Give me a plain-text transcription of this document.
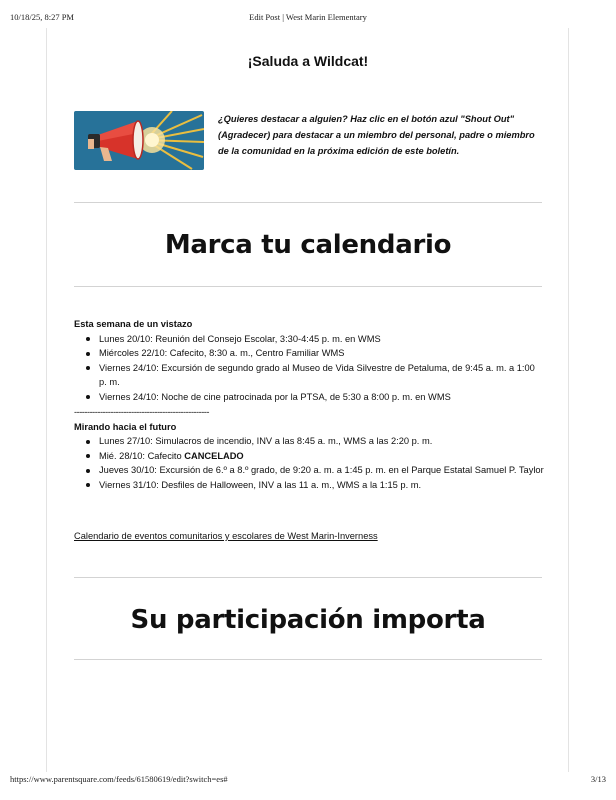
10/18/25, 8:27 PM	Edit Post | West Marin Elementary
¡Saluda a Wildcat!
¿Quieres destacar a alguien? Haz clic en el botón azul "Shout Out" (Agradecer) para destacar a un miembro del personal, padre o miembro de la comunidad en la próxima edición de este boletín.
Marca tu calendario
Esta semana de un vistazo
Lunes 20/10: Reunión del Consejo Escolar, 3:30-4:45 p. m. en WMS
Miércoles 22/10: Cafecito, 8:30 a. m., Centro Familiar WMS
Viernes 24/10: Excursión de segundo grado al Museo de Vida Silvestre de Petaluma, de 9:45 a. m. a 1:00 p. m.
Viernes 24/10: Noche de cine patrocinada por la PTSA, de 5:30 a 8:00 p. m. en WMS
----------------------------------------------------
Mirando hacia el futuro
Lunes 27/10: Simulacros de incendio, INV a las 8:45 a. m., WMS a las 2:20 p. m.
Mié. 28/10: Cafecito CANCELADO
Jueves 30/10: Excursión de 6.º a 8.º grado, de 9:20 a. m. a 1:45 p. m. en el Parque Estatal Samuel P. Taylor
Viernes 31/10: Desfiles de Halloween, INV a las 11 a. m., WMS a la 1:15 p. m.
Calendario de eventos comunitarios y escolares de West Marin-Inverness
Su participación importa
https://www.parentsquare.com/feeds/61580619/edit?switch=es#	3/13
